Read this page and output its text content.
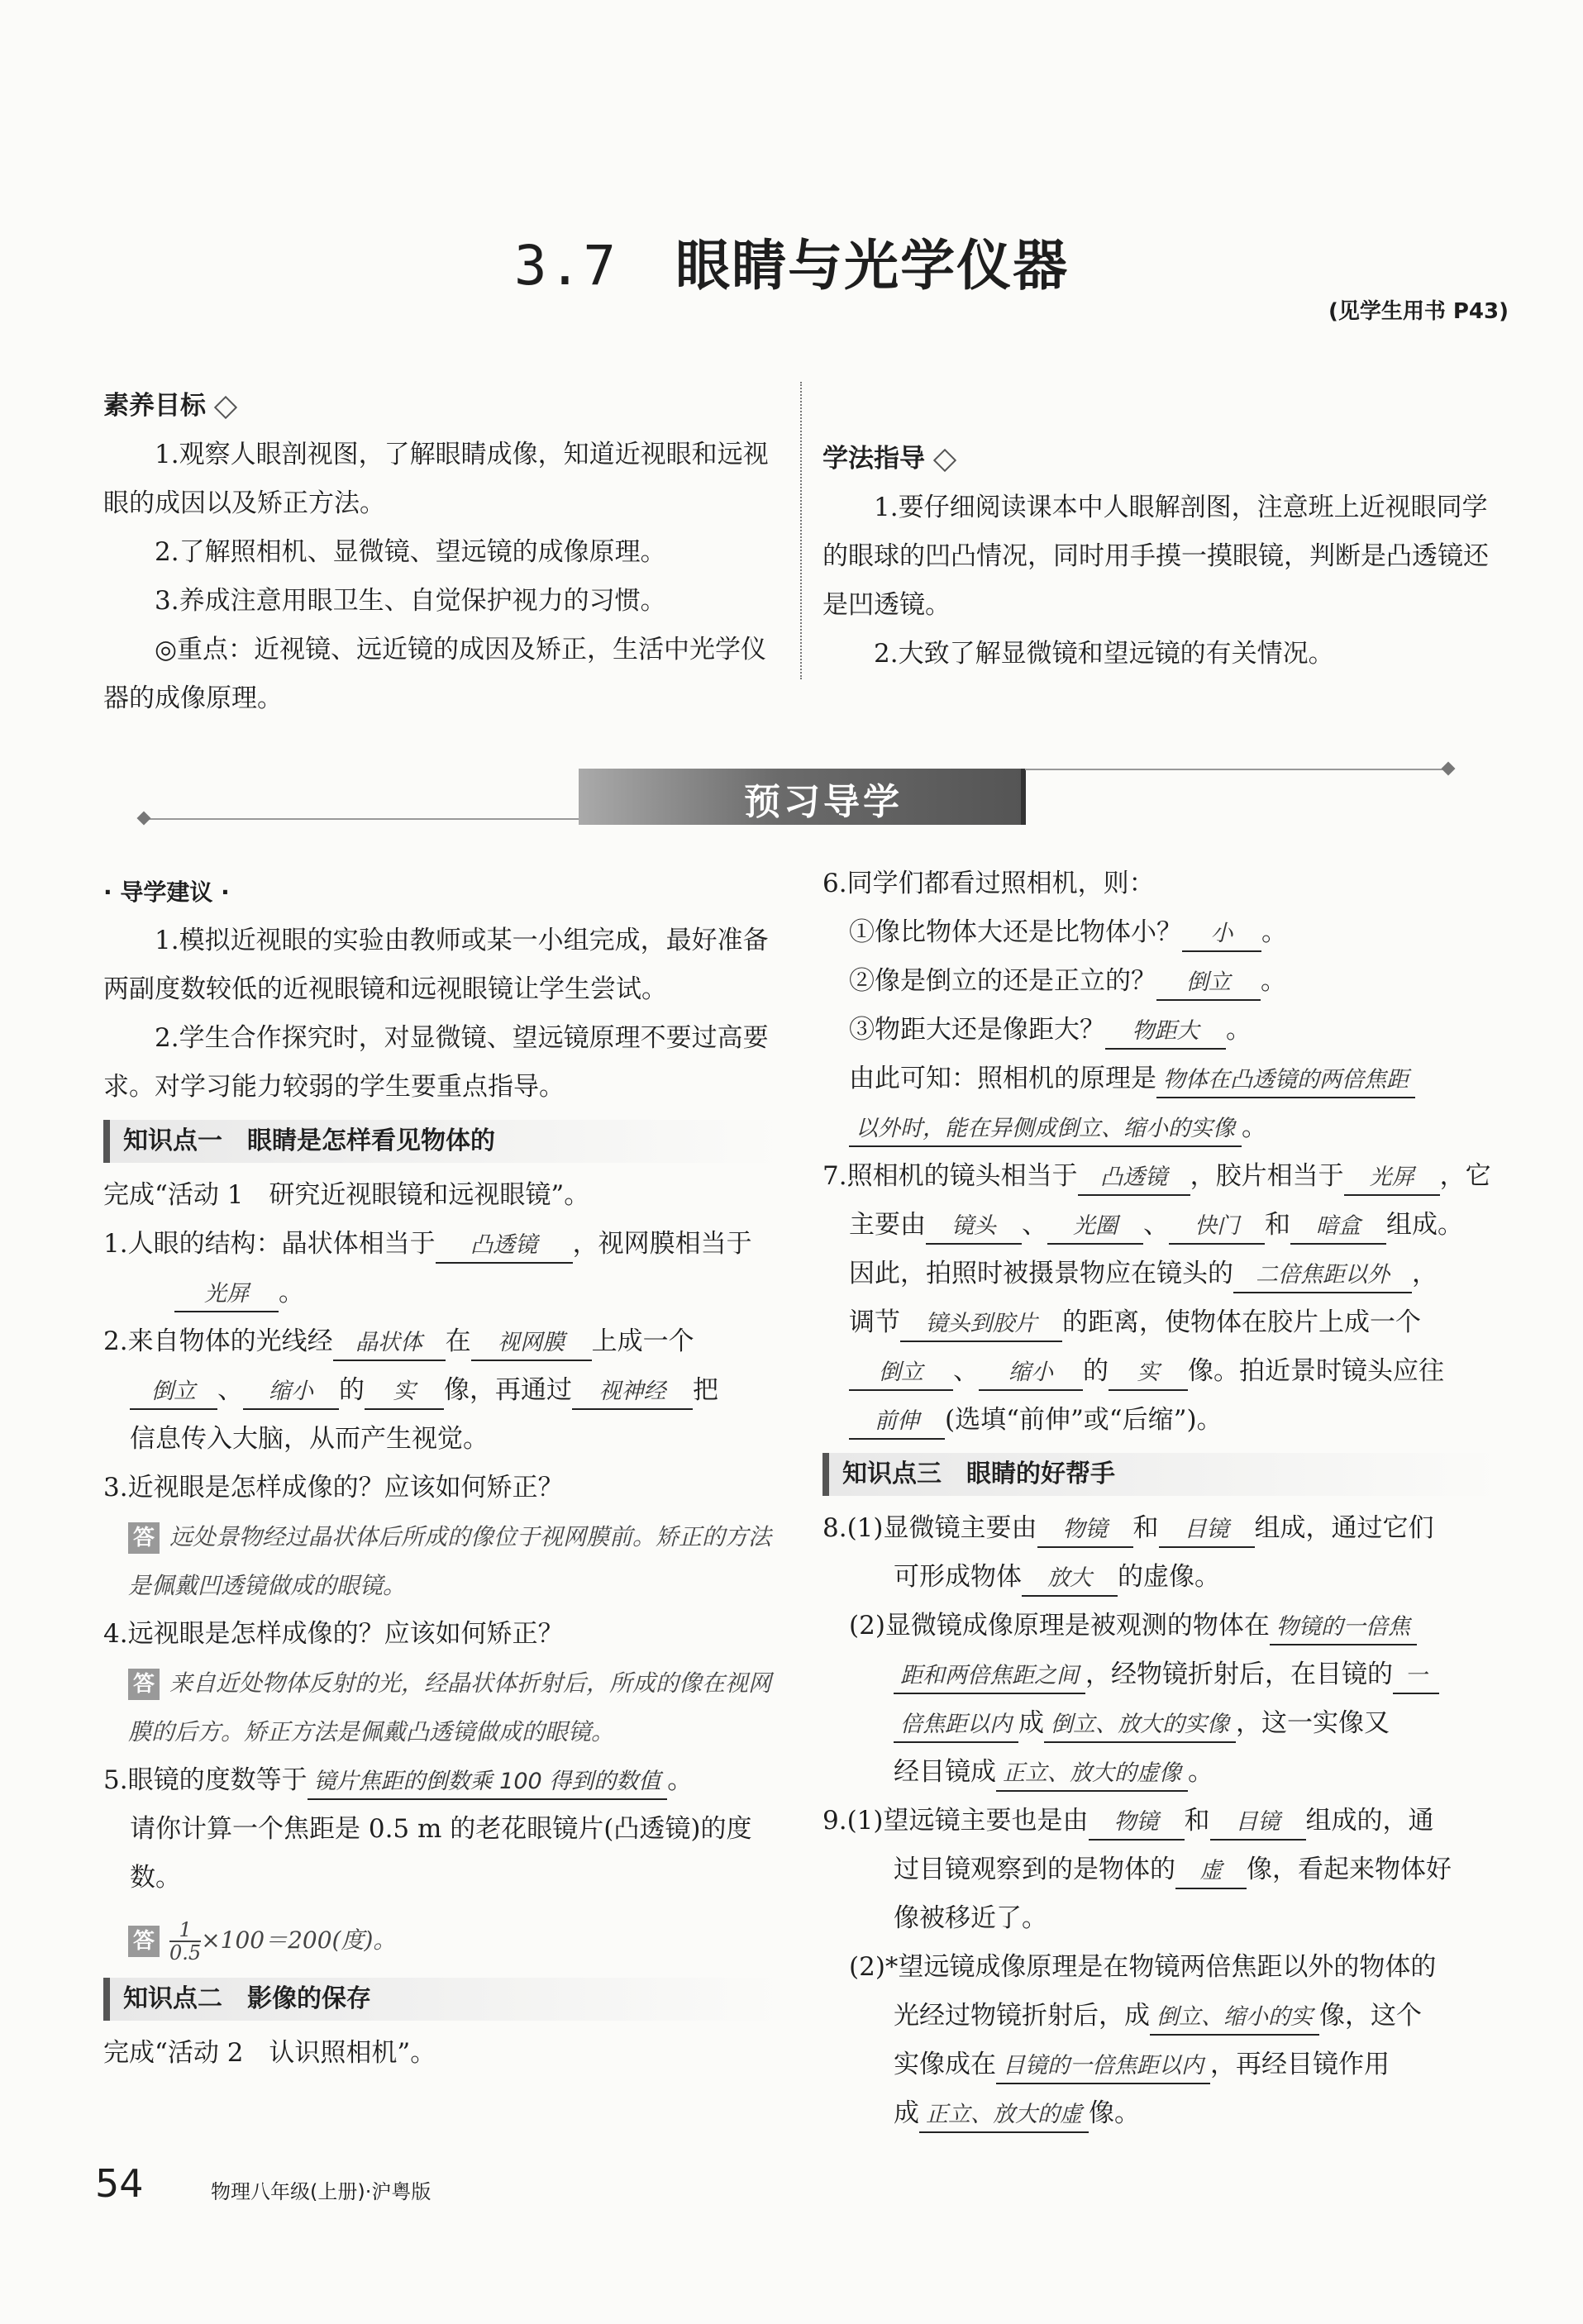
3.7 眼睛与光学仪器
(见学生用书 P43)
素养目标

1.观察人眼剖视图，了解眼睛成像，知道近视眼和远视眼的成因以及矫正方法。

2.了解照相机、显微镜、望远镜的成像原理。

3.养成注意用眼卫生、自觉保护视力的习惯。

◎重点：近视镜、远近镜的成因及矫正，生活中光学仪器的成像原理。

学法指导

1.要仔细阅读课本中人眼解剖图，注意班上近视眼同学的眼球的凹凸情况，同时用手摸一摸眼镜，判断是凸透镜还是凹透镜。

2.大致了解显微镜和望远镜的有关情况。

预习导学
· 导学建议 ·

1.模拟近视眼的实验由教师或某一小组完成，最好准备两副度数较低的近视眼镜和远视眼镜让学生尝试。

2.学生合作探究时，对显微镜、望远镜原理不要过高要求。对学习能力较弱的学生要重点指导。

知识点一　眼睛是怎样看见物体的
完成“活动 1　研究近视眼镜和远视眼镜”。
1.人眼的结构：晶状体相当于 凸透镜 ，视网膜相当于
光屏 。
2.来自物体的光线经 晶状体 在 视网膜 上成一个
倒立 、 缩小 的 实 像，再通过 视神经 把
信息传入大脑，从而产生视觉。
3.近视眼是怎样成像的？应该如何矫正？
答 远处景物经过晶状体后所成的像位于视网膜前。矫正的方法是佩戴凹透镜做成的眼镜。
4.远视眼是怎样成像的？应该如何矫正？
答 来自近处物体反射的光，经晶状体折射后，所成的像在视网膜的后方。矫正方法是佩戴凸透镜做成的眼镜。
5.眼镜的度数等于 镜片焦距的倒数乘 100 得到的数值 。

请你计算一个焦距是 0.5 m 的老花眼镜片(凸透镜)的度数。
答 $\frac{1}{0.5} \times 100=200$(度)。
知识点二　影像的保存
完成“活动 2　认识照相机”。
6.同学们都看过照相机，则：
①像比物体大还是比物体小？ 小 。
②像是倒立的还是正立的？ 倒立 。
③物距大还是像距大？ 物距大 。
由此可知：照相机的原理是 物体在凸透镜的两倍焦距
以外时，能在异侧成倒立、缩小的实像 。
7.照相机的镜头相当于 凸透镜 ，胶片相当于 光屏 ，它
主要由 镜头 、 光圈 、 快门 和 暗盒 组成。
因此，拍照时被摄景物应在镜头的 二倍焦距以外 ，
调节 镜头到胶片 的距离，使物体在胶片上成一个
倒立 、 缩小 的 实 像。拍近景时镜头应往
前伸 (选填“前伸”或“后缩”)。
知识点三　眼睛的好帮手
8.(1)显微镜主要由 物镜 和 目镜 组成，通过它们
可形成物体 放大 的虚像。
(2)显微镜成像原理是被观测的物体在 物镜的一倍焦
距和两倍焦距之间 ，经物镜折射后，在目镜的 一
倍焦距以内 成 倒立、放大的实像 ，这一实像又
经目镜成 正立、放大的虚像 。
9.(1)望远镜主要也是由 物镜 和 目镜 组成的，通
过目镜观察到的是物体的 虚 像，看起来物体好
像被移近了。
(2)*望远镜成像原理是在物镜两倍焦距以外的物体的
光经过物镜折射后，成 倒立、缩小的实 像，这个
实像成在 目镜的一倍焦距以内 ，再经目镜作用
成 正立、放大的虚 像。
54	物理八年级(上册)·沪粤版
